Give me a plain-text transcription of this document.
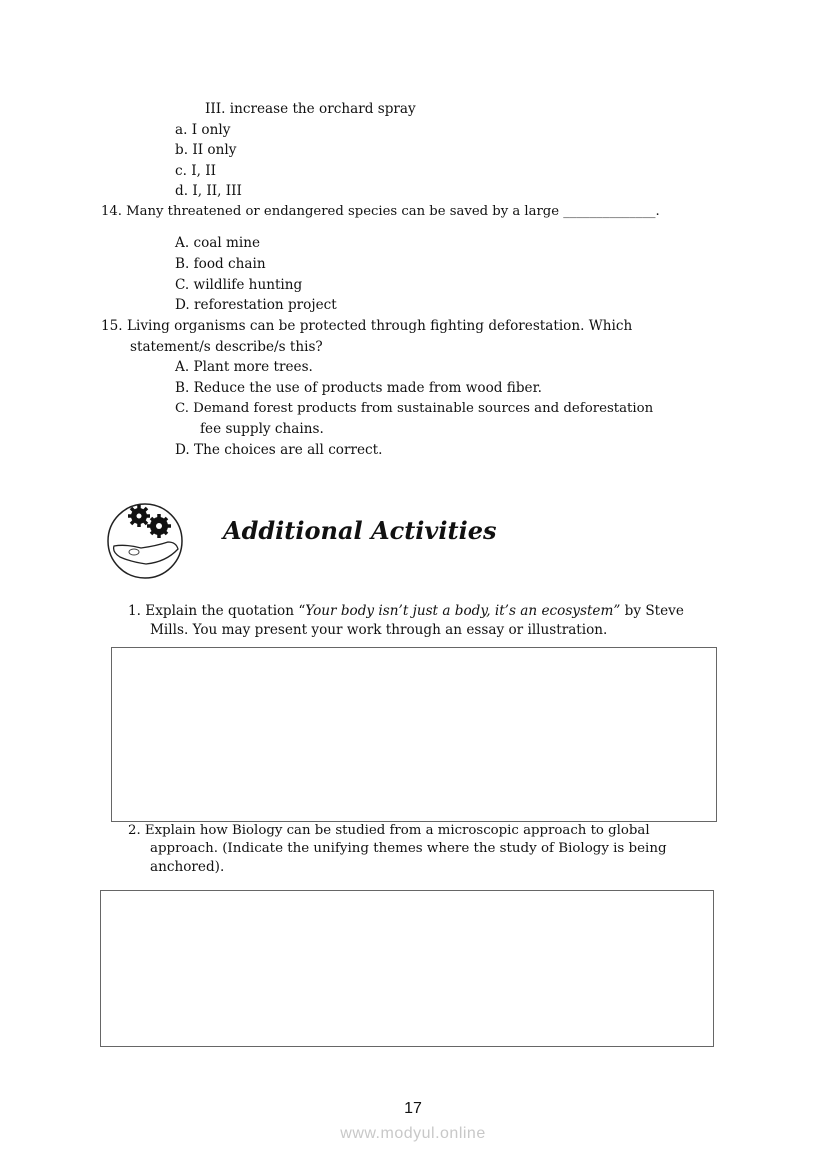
III. increase the orchard spray
a. I only
b. II only
c. I, II
d. I, II, III
14. Many threatened or endangered species can be saved by a large ______________.
A. coal mine
B. food chain
C. wildlife hunting
D. reforestation project
15. Living organisms can be protected through fighting deforestation. Which
statement/s describe/s this?
A. Plant more trees.
B. Reduce the use of products made from wood fiber.
C. Demand forest products from sustainable sources and deforestation
fee supply chains.
D. The choices are all correct.
Additional Activities
1. Explain the quotation “Your body isn’t just a body, it’s an ecosystem” by Steve
Mills. You may present your work through an essay or illustration.
2. Explain how Biology can be studied from a microscopic approach to global
approach. (Indicate the unifying themes where the study of Biology is being
anchored).
17
www.modyul.online
